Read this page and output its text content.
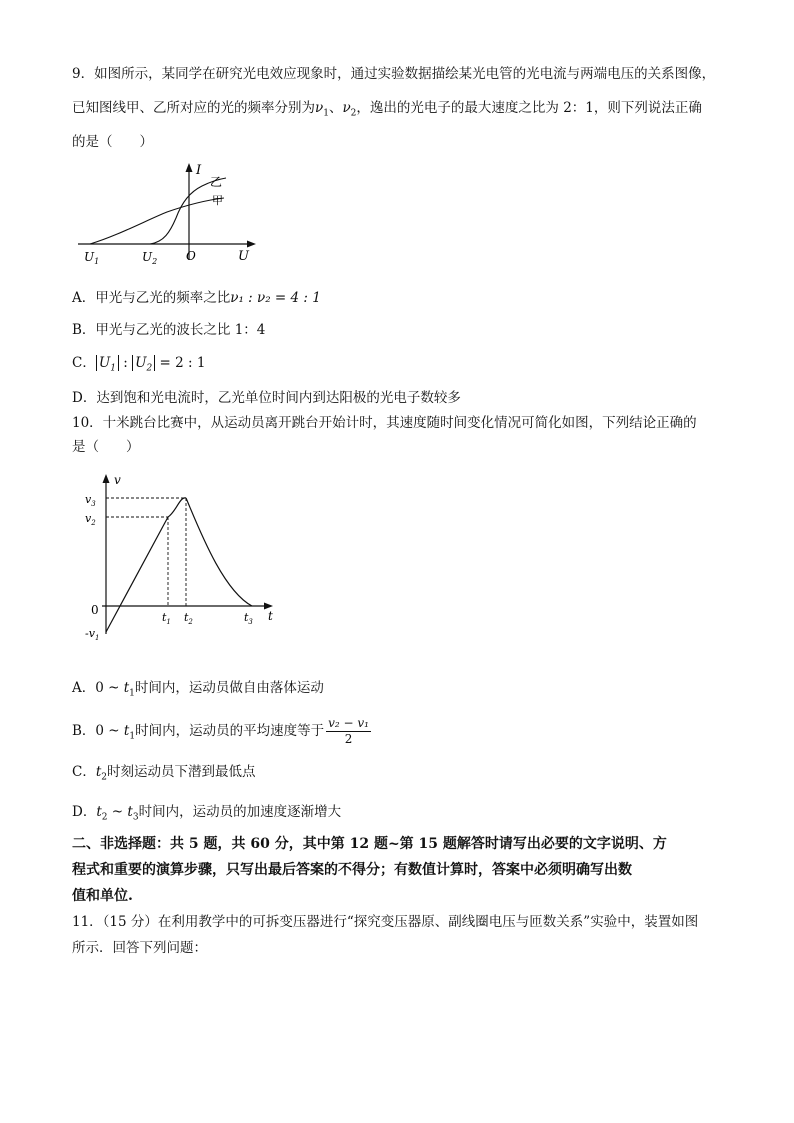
9．如图所示，某同学在研究光电效应现象时，通过实验数据描绘某光电管的光电流与两端电压的关系图像，
已知图线甲、乙所对应的光的频率分别为$\nu_1$、$\nu_2$，逸出的光电子的最大速度之比为 2：1，则下列说法正确
的是（　　）
I
U
O
$U_1$	$U_2$
乙
甲
A．甲光与乙光的频率之比ν₁ : ν₂ = 4 : 1
B．甲光与乙光的波长之比 1：4
C． $U_1$ : $U_2 = 2$ : 1
D．达到饱和光电流时，乙光单位时间内到达阳极的光电子数较多
10．十米跳台比赛中，从运动员离开跳台开始计时，其速度随时间变化情况可简化如图，下列结论正确的
是（　　）
v
t
0
$v_3$
$v_2$
$-v_1$
$t_1$ $t_2$	$t_3$
A．0 ~ $t_1$时间内，运动员做自由落体运动
B．0 ~ $t_1$时间内，运动员的平均速度等于 $\frac{\text{v₂ − v₁}}{2}$
C．$t_2$时刻运动员下潜到最低点
D．$t_2$ ~ $t_3$时间内，运动员的加速度逐渐增大
二、非选择题：共 5 题，共 60 分，其中第 12 题~第 15 题解答时请写出必要的文字说明、方
程式和重要的演算步骤，只写出最后答案的不得分；有数值计算时，答案中必须明确写出数
值和单位.
11．（15 分）在利用教学中的可拆变压器进行“探究变压器原、副线圈电压与匝数关系”实验中，装置如图
所示．回答下列问题：
